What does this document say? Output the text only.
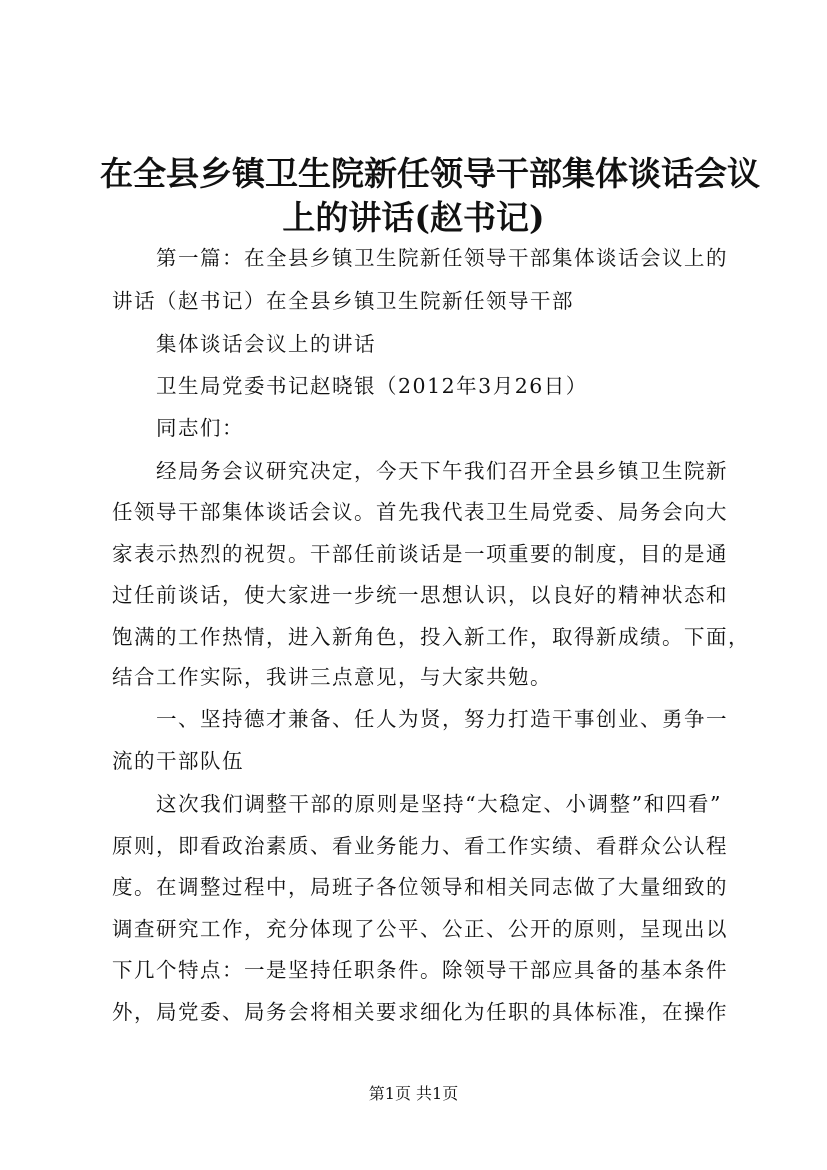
在全县乡镇卫生院新任领导干部集体谈话会议
上的讲话(赵书记)
第一篇：在全县乡镇卫生院新任领导干部集体谈话会议上的
讲话（赵书记）在全县乡镇卫生院新任领导干部
集体谈话会议上的讲话
卫生局党委书记赵晓银（2012年3月26日）
同志们：
经局务会议研究决定，今天下午我们召开全县乡镇卫生院新
任领导干部集体谈话会议。首先我代表卫生局党委、局务会向大
家表示热烈的祝贺。干部任前谈话是一项重要的制度，目的是通
过任前谈话，使大家进一步统一思想认识，以良好的精神状态和
饱满的工作热情，进入新角色，投入新工作，取得新成绩。下面，
结合工作实际，我讲三点意见，与大家共勉。
一、坚持德才兼备、任人为贤，努力打造干事创业、勇争一
流的干部队伍
这次我们调整干部的原则是坚持“大稳定、小调整”和四看”
原则，即看政治素质、看业务能力、看工作实绩、看群众公认程
度。在调整过程中，局班子各位领导和相关同志做了大量细致的
调查研究工作，充分体现了公平、公正、公开的原则，呈现出以
下几个特点：一是坚持任职条件。除领导干部应具备的基本条件
外，局党委、局务会将相关要求细化为任职的具体标准，在操作
第1页 共1页
